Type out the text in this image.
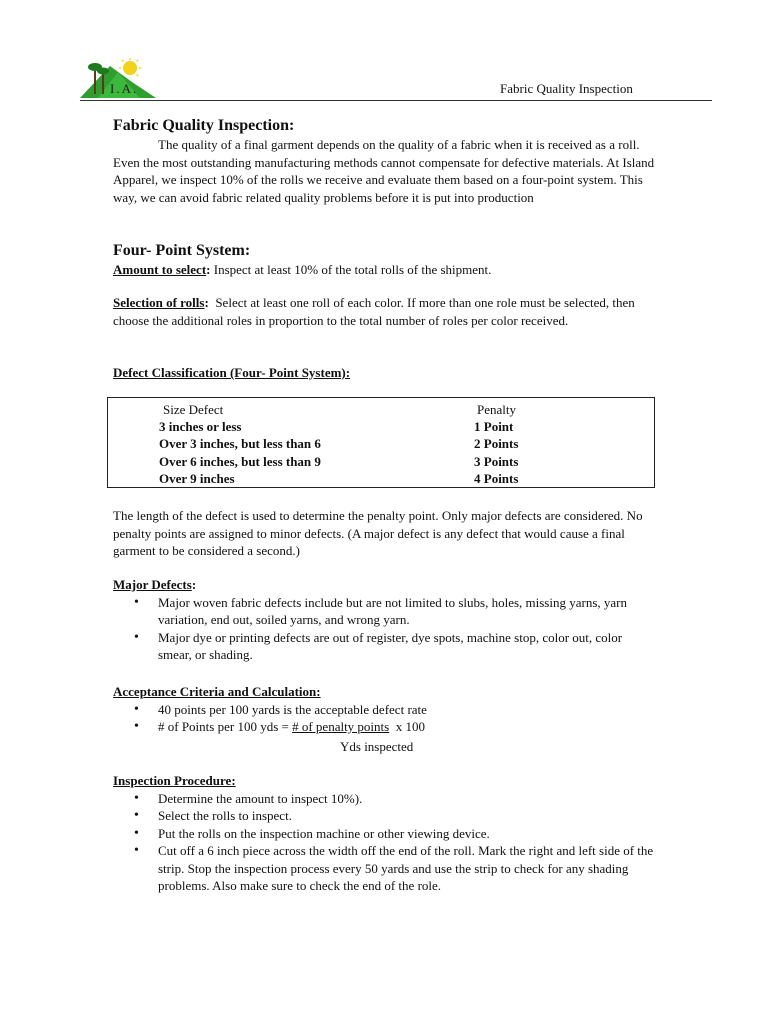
I.A.	Fabric Quality Inspection
Fabric Quality Inspection:

The quality of a final garment depends on the quality of a fabric when it is received as a roll. Even the most outstanding manufacturing methods cannot compensate for defective materials. At Island Apparel, we inspect 10% of the rolls we receive and evaluate them based on a four-point system. This way, we can avoid fabric related quality problems before it is put into production

Four- Point System:

Amount to select: Inspect at least 10% of the total rolls of the shipment.

Selection of rolls: Select at least one roll of each color. If more than one role must be selected, then choose the additional roles in proportion to the total number of roles per color received.

Defect Classification (Four- Point System):

Size Defect	Penalty
3 inches or less	1 Point
Over 3 inches, but less than 6	2 Points
Over 6 inches, but less than 9	3 Points
Over 9 inches	4 Points

The length of the defect is used to determine the penalty point. Only major defects are considered. No penalty points are assigned to minor defects. (A major defect is any defect that would cause a final garment to be considered a second.)

Major Defects:

• Major woven fabric defects include but are not limited to slubs, holes, missing yarns, yarn variation, end out, soiled yarns, and wrong yarn.
• Major dye or printing defects are out of register, dye spots, machine stop, color out, color smear, or shading.

Acceptance Criteria and Calculation:

• 40 points per 100 yards is the acceptable defect rate
• # of Points per 100 yds = # of penalty points x 100
Yds inspected

Inspection Procedure:

• Determine the amount to inspect 10%).
• Select the rolls to inspect.
• Put the rolls on the inspection machine or other viewing device.
• Cut off a 6 inch piece across the width off the end of the roll. Mark the right and left side of the strip. Stop the inspection process every 50 yards and use the strip to check for any shading problems. Also make sure to check the end of the role.
